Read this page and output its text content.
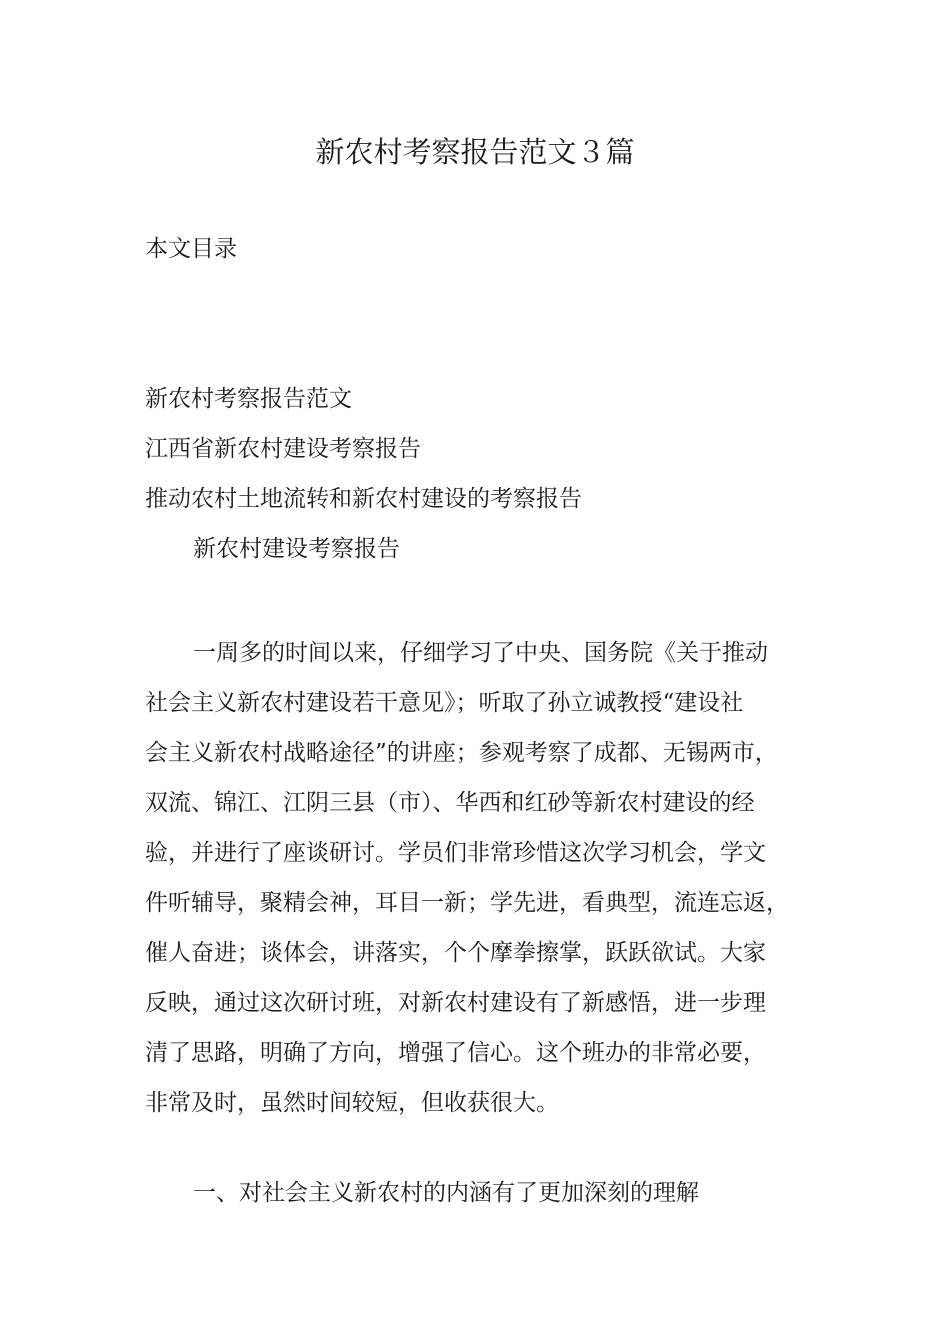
新农村考察报告范文３篇
本文目录
新农村考察报告范文
江西省新农村建设考察报告
推动农村土地流转和新农村建设的考察报告
新农村建设考察报告

一周多的时间以来，仔细学习了中央、国务院《关于推动
社会主义新农村建设若干意见》；听取了孙立诚教授“建设社
会主义新农村战略途径”的讲座；参观考察了成都、无锡两市，
双流、锦江、江阴三县（市）、华西和红砂等新农村建设的经
验，并进行了座谈研讨。学员们非常珍惜这次学习机会，学文
件听辅导，聚精会神，耳目一新；学先进，看典型，流连忘返，
催人奋进；谈体会，讲落实，个个摩拳擦掌，跃跃欲试。大家
反映，通过这次研讨班，对新农村建设有了新感悟，进一步理
清了思路，明确了方向，增强了信心。这个班办的非常必要，
非常及时，虽然时间较短，但收获很大。

一、对社会主义新农村的内涵有了更加深刻的理解
